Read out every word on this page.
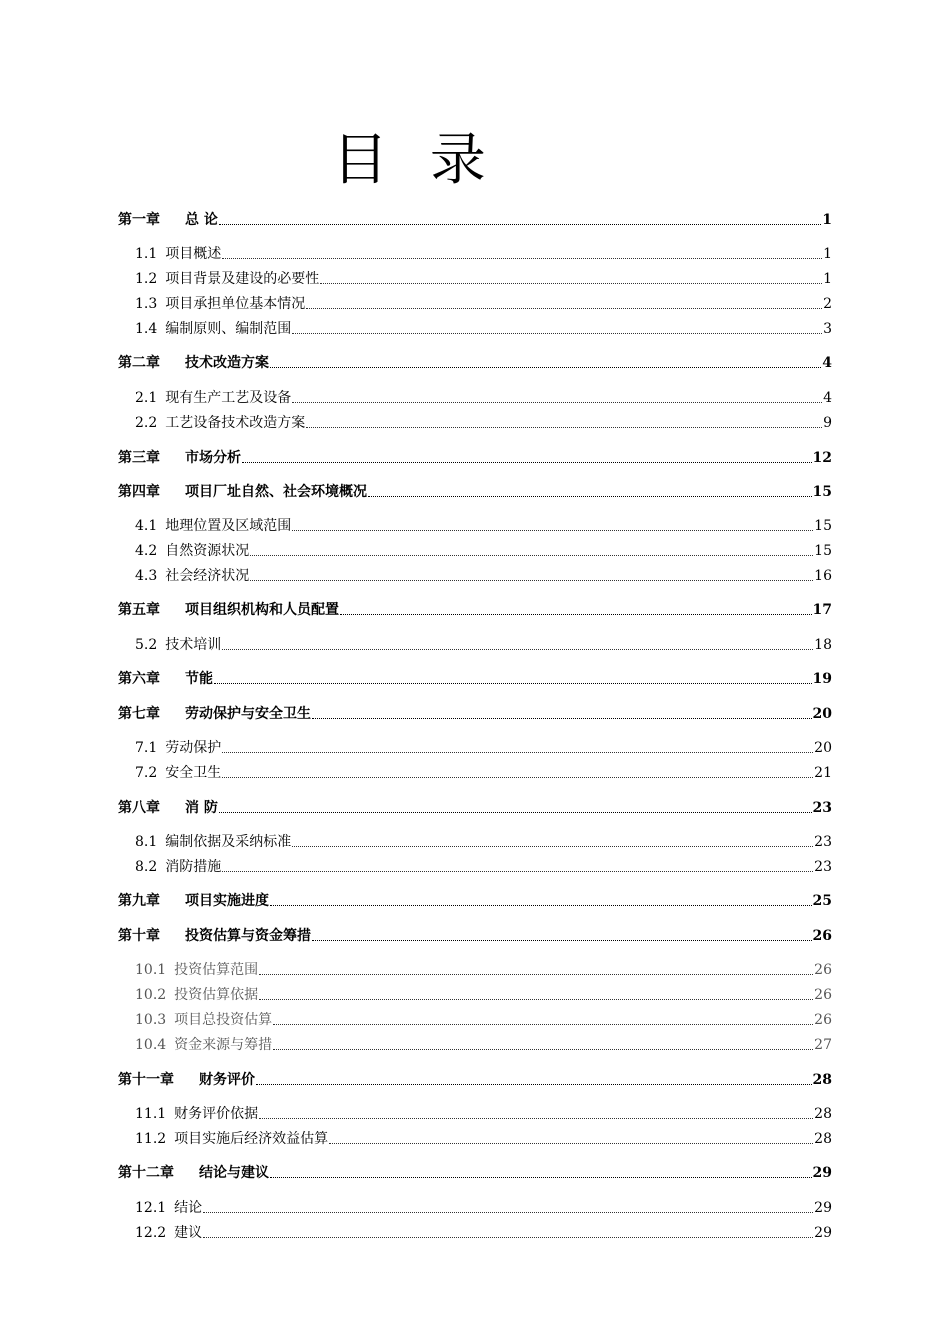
目 录
第一章 总 论	1
1.1 项目概述	1
1.2 项目背景及建设的必要性	1
1.3 项目承担单位基本情况	2
1.4 编制原则、编制范围	3
第二章 技术改造方案	4
2.1 现有生产工艺及设备	4
2.2 工艺设备技术改造方案	9
第三章 市场分析	12
第四章 项目厂址自然、社会环境概况	15
4.1 地理位置及区域范围	15
4.2 自然资源状况	15
4.3 社会经济状况	16
第五章 项目组织机构和人员配置	17
5.2 技术培训	18
第六章 节能	19
第七章 劳动保护与安全卫生	20
7.1 劳动保护	20
7.2 安全卫生	21
第八章 消 防	23
8.1 编制依据及采纳标准	23
8.2 消防措施	23
第九章 项目实施进度	25
第十章 投资估算与资金筹措	26
10.1 投资估算范围	26
10.2 投资估算依据	26
10.3 项目总投资估算	26
10.4 资金来源与筹措	27
第十一章 财务评价	28
11.1 财务评价依据	28
11.2 项目实施后经济效益估算	28
第十二章 结论与建议	29
12.1 结论	29
12.2 建议	29
